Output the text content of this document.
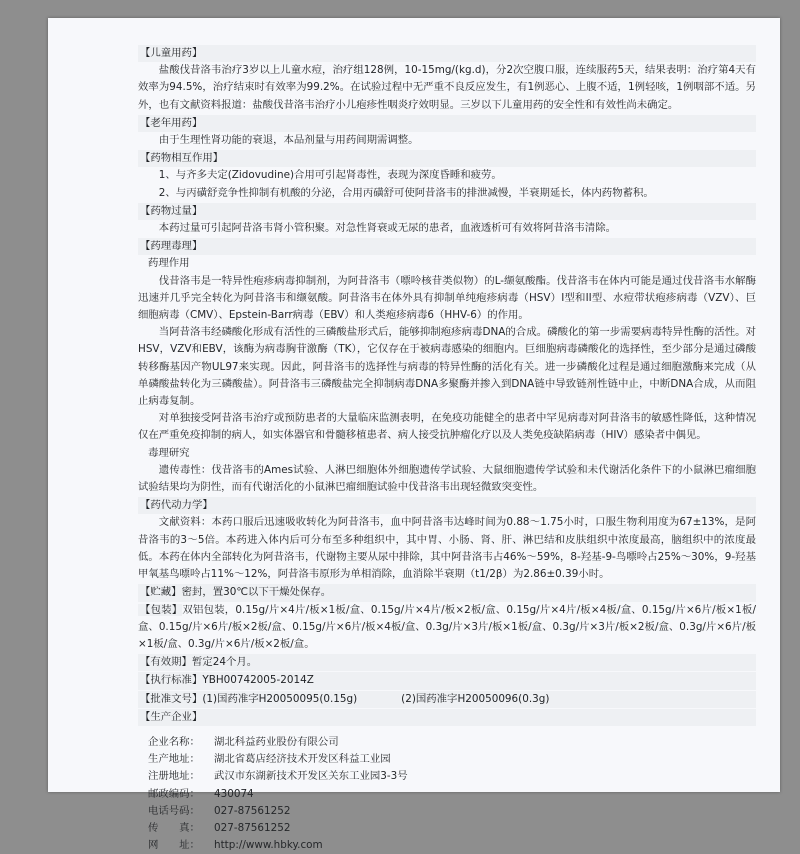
【儿童用药】

盐酸伐昔洛韦治疗3岁以上儿童水痘，治疗组128例，10-15mg/(kg.d)，分2次空腹口服，连续服药5天，结果表明：治疗第4天有效率为94.5%，治疗结束时有效率为99.2%。在试验过程中无严重不良反应发生，有1例恶心、上腹不适，1例轻咳，1例咽部不适。另外，也有文献资料报道：盐酸伐昔洛韦治疗小儿疱疹性咽炎疗效明显。三岁以下儿童用药的安全性和有效性尚未确定。

【老年用药】

由于生理性肾功能的衰退，本品剂量与用药间期需调整。

【药物相互作用】

1、与齐多夫定(Zidovudine)合用可引起肾毒性，表现为深度昏睡和疲劳。

2、与丙磺舒竞争性抑制有机酸的分泌，合用丙磺舒可使阿昔洛韦的排泄减慢，半衰期延长，体内药物蓄积。

【药物过量】

本药过量可引起阿昔洛韦肾小管积聚。对急性肾衰或无尿的患者，血液透析可有效将阿昔洛韦清除。

【药理毒理】
药理作用

伐昔洛韦是一特异性疱疹病毒抑制剂，为阿昔洛韦（嘌呤核苷类似物）的L-缬氨酸酯。伐昔洛韦在体内可能是通过伐昔洛韦水解酶迅速并几乎完全转化为阿昔洛韦和缬氨酸。阿昔洛韦在体外具有抑制单纯疱疹病毒（HSV）I型和II型、水痘带状疱疹病毒（VZV）、巨细胞病毒（CMV）、Epstein-Barr病毒（EBV）和人类疱疹病毒6（HHV-6）的作用。

当阿昔洛韦经磷酸化形成有活性的三磷酸盐形式后，能够抑制疱疹病毒DNA的合成。磷酸化的第一步需要病毒特异性酶的活性。对HSV，VZV和EBV，该酶为病毒胸苷激酶（TK），它仅存在于被病毒感染的细胞内。巨细胞病毒磷酸化的选择性，至少部分是通过磷酸转移酶基因产物UL97来实现。因此，阿昔洛韦的选择性与病毒的特异性酶的活化有关。进一步磷酸化过程是通过细胞激酶来完成（从单磷酸盐转化为三磷酸盐）。阿昔洛韦三磷酸盐完全抑制病毒DNA多聚酶并掺入到DNA链中导致链剂性链中止，中断DNA合成，从而阻止病毒复制。

对单独接受阿昔洛韦治疗或预防患者的大量临床监测表明，在免疫功能健全的患者中罕见病毒对阿昔洛韦的敏感性降低，这种情况仅在严重免疫抑制的病人，如实体器官和骨髓移植患者、病人接受抗肿瘤化疗以及人类免疫缺陷病毒（HIV）感染者中偶见。

毒理研究

遗传毒性：伐昔洛韦的Ames试验、人淋巴细胞体外细胞遗传学试验、大鼠细胞遗传学试验和未代谢活化条件下的小鼠淋巴瘤细胞试验结果均为阴性，而有代谢活化的小鼠淋巴瘤细胞试验中伐昔洛韦出现轻微致突变性。

【药代动力学】

文献资料：本药口服后迅速吸收转化为阿昔洛韦，血中阿昔洛韦达峰时间为0.88～1.75小时，口服生物利用度为67±13%，是阿昔洛韦的3～5倍。本药进入体内后可分布至多种组织中，其中胃、小肠、肾、肝、淋巴结和皮肤组织中浓度最高，脑组织中的浓度最低。本药在体内全部转化为阿昔洛韦，代谢物主要从尿中排除，其中阿昔洛韦占46%～59%，8-羟基-9-鸟嘌呤占25%～30%，9-羟基甲氧基鸟嘌呤占11%～12%，阿昔洛韦原形为单相消除，血消除半衰期（t1/2β）为2.86±0.39小时。

【贮藏】密封，置30℃以下干燥处保存。

【包装】双铝包装，0.15g/片×4片/板×1板/盒、0.15g/片×4片/板×2板/盒、0.15g/片×4片/板×4板/盒、0.15g/片×6片/板×1板/盒、0.15g/片×6片/板×2板/盒、0.15g/片×6片/板×4板/盒、0.3g/片×3片/板×1板/盒、0.3g/片×3片/板×2板/盒、0.3g/片×6片/板×1板/盒、0.3g/片×6片/板×2板/盒。

【有效期】暂定24个月。
【执行标准】YBH00742005-2014Z
【批准文号】(1)国药准字H20050095(0.15g)	(2)国药准字H20050096(0.3g)
【生产企业】
企业名称：	湖北科益药业股份有限公司
生产地址：	湖北省葛店经济技术开发区科益工业园
注册地址：	武汉市东湖新技术开发区关东工业园3-3号
邮政编码：	430074
电话号码：	027-87561252
传　　真：	027-87561252
网　　址：	http://www.hbky.com
